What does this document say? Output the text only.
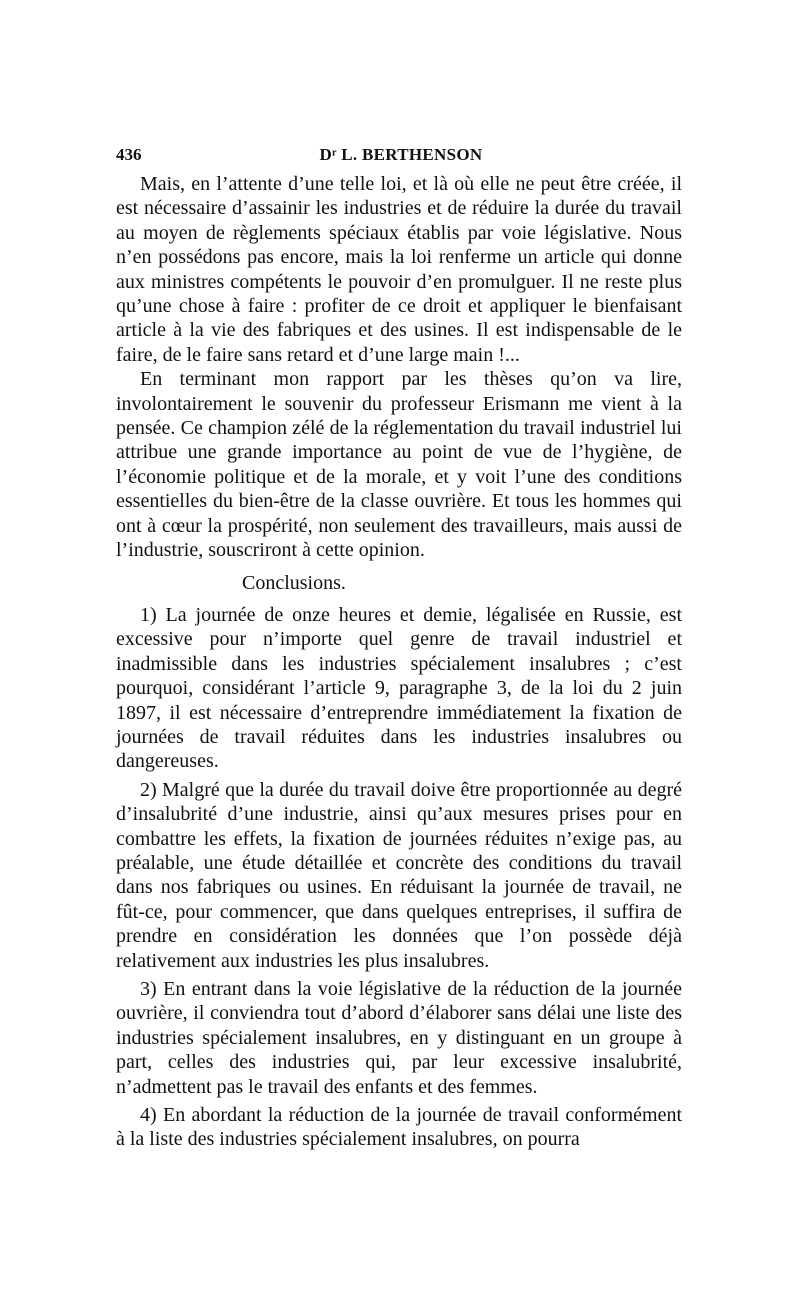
436	Dʳ L. BERTHENSON

Mais, en l’attente d’une telle loi, et là où elle ne peut être créée, il est nécessaire d’assainir les industries et de réduire la durée du travail au moyen de règlements spéciaux établis par voie législative. Nous n’en possédons pas encore, mais la loi renferme un article qui donne aux ministres compétents le pouvoir d’en promulguer. Il ne reste plus qu’une chose à faire : profiter de ce droit et appliquer le bienfaisant article à la vie des fabriques et des usines. Il est indispensable de le faire, de le faire sans retard et d’une large main !...

En terminant mon rapport par les thèses qu’on va lire, involontairement le souvenir du professeur Erismann me vient à la pensée. Ce champion zélé de la réglementation du travail industriel lui attribue une grande importance au point de vue de l’hygiène, de l’économie politique et de la morale, et y voit l’une des conditions essentielles du bien-être de la classe ouvrière. Et tous les hommes qui ont à cœur la prospérité, non seulement des travailleurs, mais aussi de l’industrie, souscriront à cette opinion.

Conclusions.

1) La journée de onze heures et demie, légalisée en Russie, est excessive pour n’importe quel genre de travail industriel et inadmissible dans les industries spécialement insalubres ; c’est pourquoi, considérant l’article 9, paragraphe 3, de la loi du 2 juin 1897, il est nécessaire d’entreprendre immédiatement la fixation de journées de travail réduites dans les industries insalubres ou dangereuses.

2) Malgré que la durée du travail doive être proportionnée au degré d’insalubrité d’une industrie, ainsi qu’aux mesures prises pour en combattre les effets, la fixation de journées réduites n’exige pas, au préalable, une étude détaillée et concrète des conditions du travail dans nos fabriques ou usines. En réduisant la journée de travail, ne fût-ce, pour commencer, que dans quelques entreprises, il suffira de prendre en considération les données que l’on possède déjà relativement aux industries les plus insalubres.

3) En entrant dans la voie législative de la réduction de la journée ouvrière, il conviendra tout d’abord d’élaborer sans délai une liste des industries spécialement insalubres, en y distinguant en un groupe à part, celles des industries qui, par leur excessive insalubrité, n’admettent pas le travail des enfants et des femmes.

4) En abordant la réduction de la journée de travail conformément à la liste des industries spécialement insalubres, on pourra
